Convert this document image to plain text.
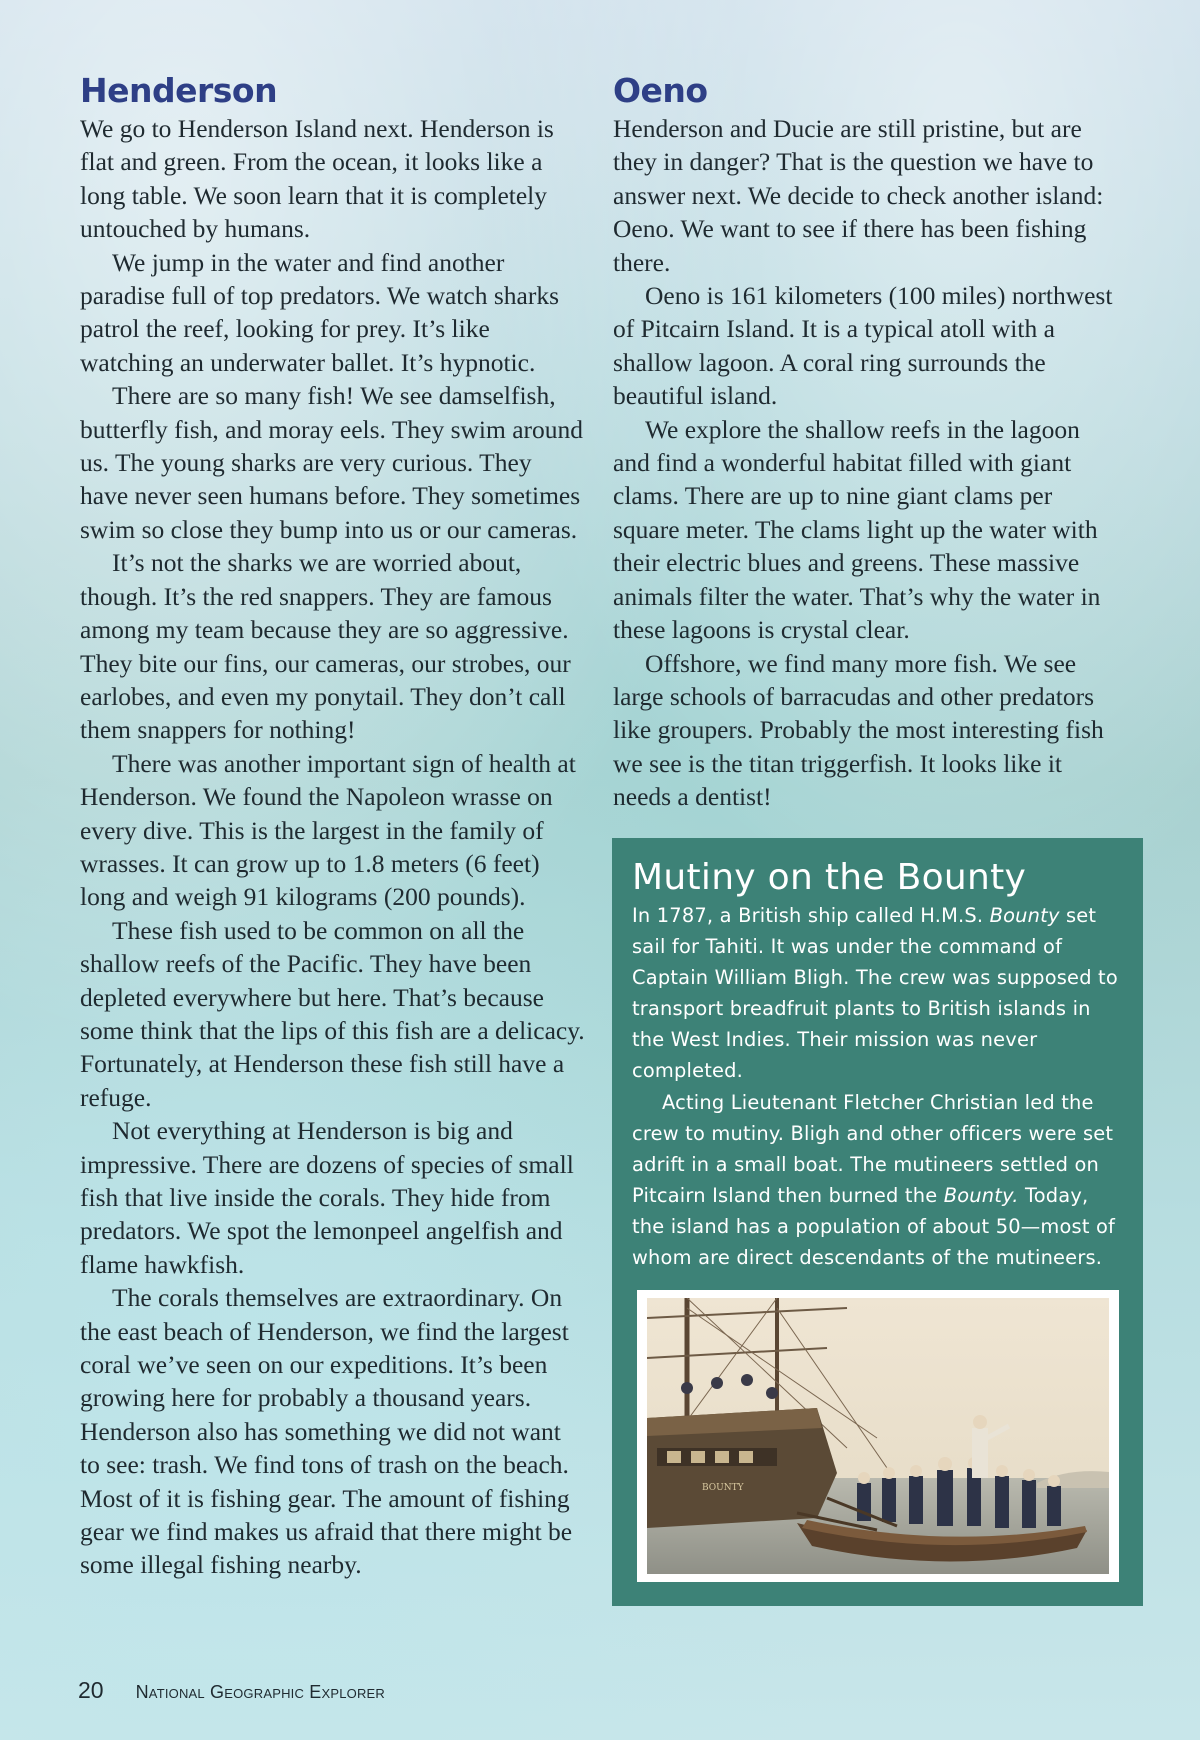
Henderson

We go to Henderson Island next. Henderson is flat and green. From the ocean, it looks like a long table. We soon learn that it is completely untouched by humans.

We jump in the water and find another paradise full of top predators. We watch sharks patrol the reef, looking for prey. It’s like watching an underwater ballet. It’s hypnotic.

There are so many fish! We see damselfish, butterfly fish, and moray eels. They swim around us. The young sharks are very curious. They have never seen humans before. They sometimes swim so close they bump into us or our cameras.

It’s not the sharks we are worried about, though. It’s the red snappers. They are famous among my team because they are so aggressive. They bite our fins, our cameras, our strobes, our earlobes, and even my ponytail. They don’t call them snappers for nothing!

There was another important sign of health at Henderson. We found the Napoleon wrasse on every dive. This is the largest in the family of wrasses. It can grow up to 1.8 meters (6 feet) long and weigh 91 kilograms (200 pounds).

These fish used to be common on all the shallow reefs of the Pacific. They have been depleted everywhere but here. That’s because some think that the lips of this fish are a delicacy. Fortunately, at Henderson these fish still have a refuge.

Not everything at Henderson is big and impressive. There are dozens of species of small fish that live inside the corals. They hide from predators. We spot the lemonpeel angelfish and flame hawkfish.

The corals themselves are extraordinary. On the east beach of Henderson, we find the largest coral we’ve seen on our expeditions. It’s been growing here for probably a thousand years. Henderson also has something we did not want to see: trash. We find tons of trash on the beach. Most of it is fishing gear. The amount of fishing gear we find makes us afraid that there might be some illegal fishing nearby.

Oeno

Henderson and Ducie are still pristine, but are they in danger? That is the question we have to answer next. We decide to check another island: Oeno. We want to see if there has been fishing there.

Oeno is 161 kilometers (100 miles) northwest of Pitcairn Island. It is a typical atoll with a shallow lagoon. A coral ring surrounds the beautiful island.

We explore the shallow reefs in the lagoon and find a wonderful habitat filled with giant clams. There are up to nine giant clams per square meter. The clams light up the water with their electric blues and greens. These massive animals filter the water. That’s why the water in these lagoons is crystal clear.

Offshore, we find many more fish. We see large schools of barracudas and other predators like groupers. Probably the most interesting fish we see is the titan triggerfish. It looks like it needs a dentist!

Mutiny on the Bounty

In 1787, a British ship called H.M.S. Bounty set sail for Tahiti. It was under the command of Captain William Bligh. The crew was supposed to transport breadfruit plants to British islands in the West Indies. Their mission was never completed.

Acting Lieutenant Fletcher Christian led the crew to mutiny. Bligh and other officers were set adrift in a small boat. The mutineers settled on Pitcairn Island then burned the Bounty. Today, the island has a population of about 50—most of whom are direct descendants of the mutineers.

BOUNTY
20 National Geographic Explorer
